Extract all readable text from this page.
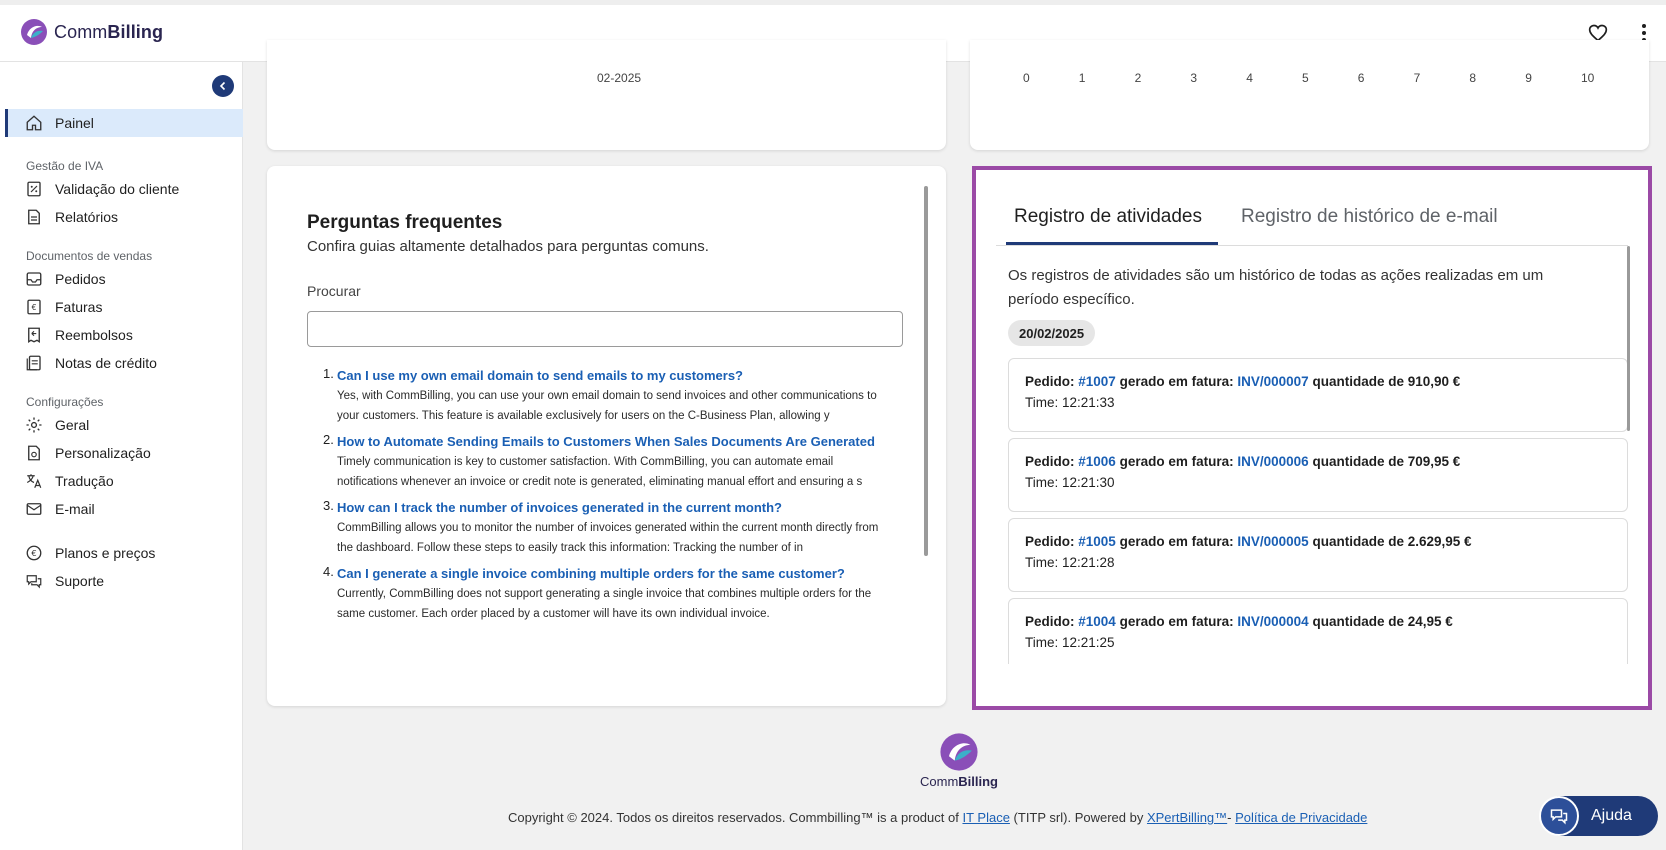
CommBilling
Painel
Gestão de IVA
Validação do cliente
Relatórios
Documentos de vendas
Pedidos
€ Faturas
Reembolsos
Notas de crédito
Configurações
Geral
Personalização
Tradução
E-mail
€ Planos e preços
Suporte
02-2025	0	1	2	3	4	5	6	7	8	9	10
Perguntas frequentes
Confira guias altamente detalhados para perguntas comuns.
Procurar
1. Can I use my own email domain to send emails to my customers?
Yes, with CommBilling, you can use your own email domain to send invoices and other communications to your customers. This feature is available exclusively for users on the C-Business Plan, allowing y
2. How to Automate Sending Emails to Customers When Sales Documents Are Generated
Timely communication is key to customer satisfaction. With CommBilling, you can automate email notifications whenever an invoice or credit note is generated, eliminating manual effort and ensuring a s
3. How can I track the number of invoices generated in the current month?
CommBilling allows you to monitor the number of invoices generated within the current month directly from the dashboard. Follow these steps to easily track this information: Tracking the number of in
4. Can I generate a single invoice combining multiple orders for the same customer?
Currently, CommBilling does not support generating a single invoice that combines multiple orders for the same customer. Each order placed by a customer will have its own individual invoice.
Registro de atividades Registro de histórico de e-mail
Os registros de atividades são um histórico de todas as ações realizadas em um período específico.
20/02/2025
Pedido: #1007 gerado em fatura: INV/000007 quantidade de 910,90 €
Time: 12:21:33
Pedido: #1006 gerado em fatura: INV/000006 quantidade de 709,95 €
Time: 12:21:30
Pedido: #1005 gerado em fatura: INV/000005 quantidade de 2.629,95 €
Time: 12:21:28
Pedido: #1004 gerado em fatura: INV/000004 quantidade de 24,95 €
Time: 12:21:25
CommBilling
Copyright © 2024. Todos os direitos reservados. Commbilling™ is a product of IT Place (TITP srl). Powered by XPertBilling™- Política de Privacidade	Ajuda
